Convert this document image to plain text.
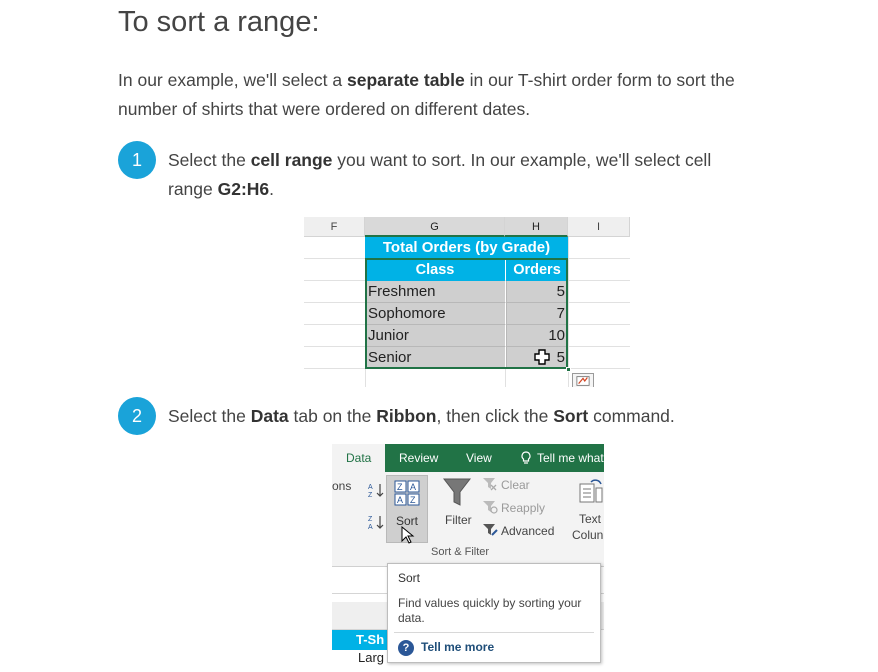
To sort a range:

In our example, we'll select a separate table in our T-shirt order form to sort the number of shirts that were ordered on different dates.

1	Select the cell range you want to sort. In our example, we'll select cell range G2:H6.

F	G	H	I
Total Orders (by Grade)
Class	Orders
Freshmen	5
Sophomore	7
Junior	10
Senior	5
2	Select the Data tab on the Ribbon, then click the Sort command.

Data	Review View	Tell me what
ons A
Z
Z
A
Z A
A Z
Sort	Filter
Clear
Reapply
Advanced
Text
Colun
Sort & Filter
T-Sh
Larg
Sort
Find values quickly by sorting your data.
? Tell me more
